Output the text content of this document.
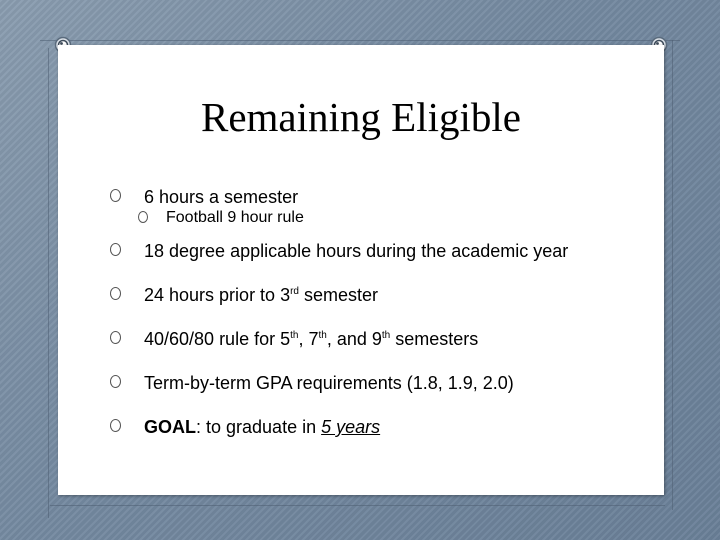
Remaining Eligible
6 hours a semester
Football 9 hour rule
18 degree applicable hours during the academic year
24 hours prior to 3rd semester
40/60/80 rule for 5th, 7th, and 9th semesters
Term-by-term GPA requirements (1.8, 1.9, 2.0)
GOAL: to graduate in 5 years
